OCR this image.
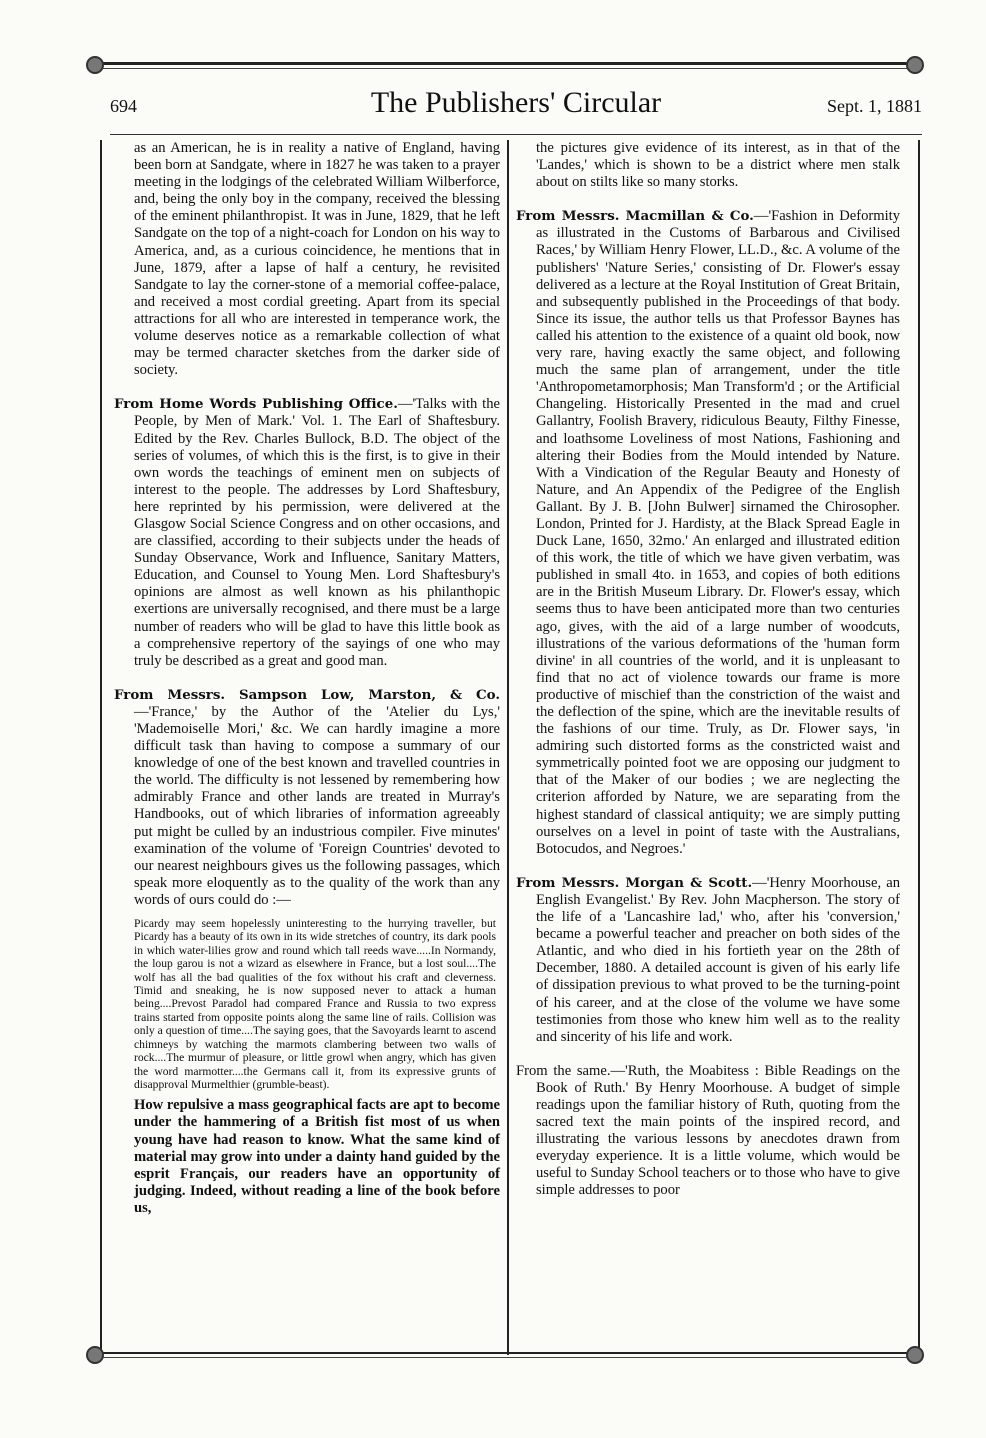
694	The Publishers' Circular	Sept. 1, 1881

as an American, he is in reality a native of England, having been born at Sandgate, where in 1827 he was taken to a prayer meeting in the lodgings of the celebrated William Wilberforce, and, being the only boy in the company, received the blessing of the eminent philanthropist. It was in June, 1829, that he left Sandgate on the top of a night-coach for London on his way to America, and, as a curious coincidence, he mentions that in June, 1879, after a lapse of half a century, he revisited Sandgate to lay the corner-stone of a memorial coffee-palace, and received a most cordial greeting. Apart from its special attractions for all who are interested in temperance work, the volume deserves notice as a remarkable collection of what may be termed character sketches from the darker side of society.

From Home Words Publishing Office.—'Talks with the People, by Men of Mark.' Vol. 1. The Earl of Shaftesbury. Edited by the Rev. Charles Bullock, B.D. The object of the series of volumes, of which this is the first, is to give in their own words the teachings of eminent men on subjects of interest to the people. The addresses by Lord Shaftesbury, here reprinted by his permission, were delivered at the Glasgow Social Science Congress and on other occasions, and are classified, according to their subjects under the heads of Sunday Observance, Work and Influence, Sanitary Matters, Education, and Counsel to Young Men. Lord Shaftesbury's opinions are almost as well known as his philanthopic exertions are universally recognised, and there must be a large number of readers who will be glad to have this little book as a comprehensive repertory of the sayings of one who may truly be described as a great and good man.

From Messrs. Sampson Low, Marston, & Co.—'France,' by the Author of the 'Atelier du Lys,' 'Mademoiselle Mori,' &c. We can hardly imagine a more difficult task than having to compose a summary of our knowledge of one of the best known and travelled countries in the world. The difficulty is not lessened by remembering how admirably France and other lands are treated in Murray's Handbooks, out of which libraries of information agreeably put might be culled by an industrious compiler. Five minutes' examination of the volume of 'Foreign Countries' devoted to our nearest neighbours gives us the following passages, which speak more eloquently as to the quality of the work than any words of ours could do :—

Picardy may seem hopelessly uninteresting to the hurrying traveller, but Picardy has a beauty of its own in its wide stretches of country, its dark pools in which water-lilies grow and round which tall reeds wave.....In Normandy, the loup garou is not a wizard as elsewhere in France, but a lost soul....The wolf has all the bad qualities of the fox without his craft and cleverness. Timid and sneaking, he is now supposed never to attack a human being....Prevost Paradol had compared France and Russia to two express trains started from opposite points along the same line of rails. Collision was only a question of time....The saying goes, that the Savoyards learnt to ascend chimneys by watching the marmots clambering between two walls of rock....The murmur of pleasure, or little growl when angry, which has given the word marmotter....the Germans call it, from its expressive grunts of disapproval Murmelthier (grumble-beast).

How repulsive a mass geographical facts are apt to become under the hammering of a British fist most of us when young have had reason to know. What the same kind of material may grow into under a dainty hand guided by the esprit Français, our readers have an opportunity of judging. Indeed, without reading a line of the book before us,

the pictures give evidence of its interest, as in that of the 'Landes,' which is shown to be a district where men stalk about on stilts like so many storks.

From Messrs. Macmillan & Co.—'Fashion in Deformity as illustrated in the Customs of Barbarous and Civilised Races,' by William Henry Flower, LL.D., &c. A volume of the publishers' 'Nature Series,' consisting of Dr. Flower's essay delivered as a lecture at the Royal Institution of Great Britain, and subsequently published in the Proceedings of that body. Since its issue, the author tells us that Professor Baynes has called his attention to the existence of a quaint old book, now very rare, having exactly the same object, and following much the same plan of arrangement, under the title 'Anthropometamorphosis; Man Transform'd ; or the Artificial Changeling. Historically Presented in the mad and cruel Gallantry, Foolish Bravery, ridiculous Beauty, Filthy Finesse, and loathsome Loveliness of most Nations, Fashioning and altering their Bodies from the Mould intended by Nature. With a Vindication of the Regular Beauty and Honesty of Nature, and An Appendix of the Pedigree of the English Gallant. By J. B. [John Bulwer] sirnamed the Chirosopher. London, Printed for J. Hardisty, at the Black Spread Eagle in Duck Lane, 1650, 32mo.' An enlarged and illustrated edition of this work, the title of which we have given verbatim, was published in small 4to. in 1653, and copies of both editions are in the British Museum Library. Dr. Flower's essay, which seems thus to have been anticipated more than two centuries ago, gives, with the aid of a large number of woodcuts, illustrations of the various deformations of the 'human form divine' in all countries of the world, and it is unpleasant to find that no act of violence towards our frame is more productive of mischief than the constriction of the waist and the deflection of the spine, which are the inevitable results of the fashions of our time. Truly, as Dr. Flower says, 'in admiring such distorted forms as the constricted waist and symmetrically pointed foot we are opposing our judgment to that of the Maker of our bodies ; we are neglecting the criterion afforded by Nature, we are separating from the highest standard of classical antiquity; we are simply putting ourselves on a level in point of taste with the Australians, Botocudos, and Negroes.'

From Messrs. Morgan & Scott.—'Henry Moorhouse, an English Evangelist.' By Rev. John Macpherson. The story of the life of a 'Lancashire lad,' who, after his 'conversion,' became a powerful teacher and preacher on both sides of the Atlantic, and who died in his fortieth year on the 28th of December, 1880. A detailed account is given of his early life of dissipation previous to what proved to be the turning-point of his career, and at the close of the volume we have some testimonies from those who knew him well as to the reality and sincerity of his life and work.

From the same.—'Ruth, the Moabitess : Bible Readings on the Book of Ruth.' By Henry Moorhouse. A budget of simple readings upon the familiar history of Ruth, quoting from the sacred text the main points of the inspired record, and illustrating the various lessons by anecdotes drawn from everyday experience. It is a little volume, which would be useful to Sunday School teachers or to those who have to give simple addresses to poor
